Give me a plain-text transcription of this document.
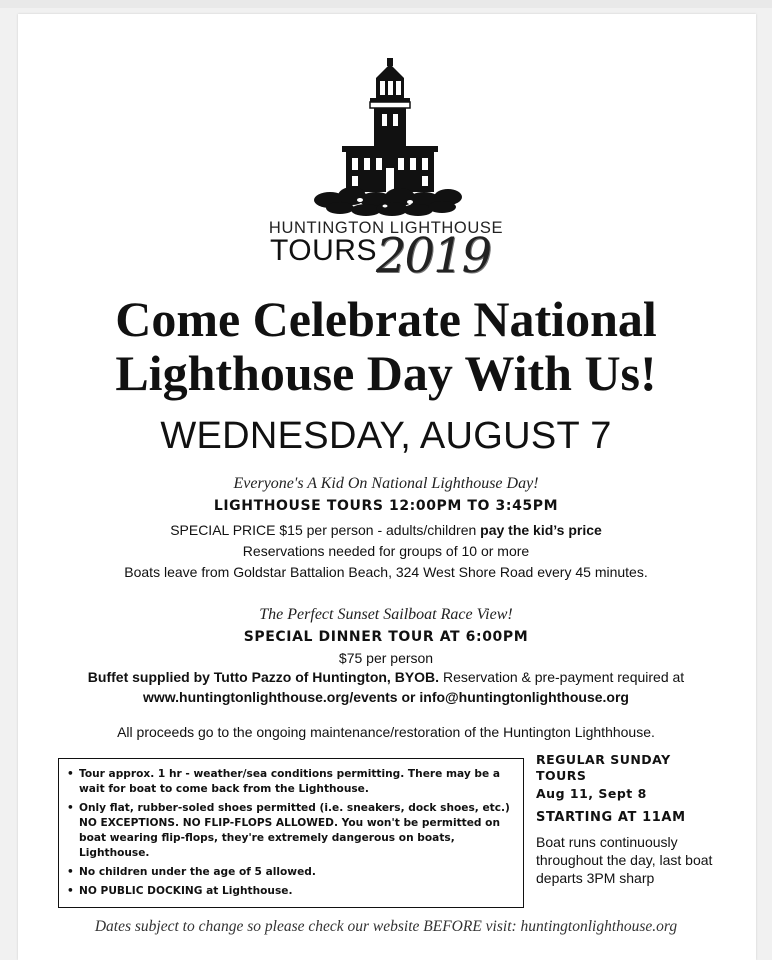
HUNTINGTON LIGHTHOUSE
TOURS 2019
Come Celebrate National
Lighthouse Day With Us!
WEDNESDAY, AUGUST 7
Everyone's A Kid On National Lighthouse Day!
LIGHTHOUSE TOURS 12:00PM TO 3:45PM
SPECIAL PRICE $15 per person - adults/children pay the kid’s price
Reservations needed for groups of 10 or more
Boats leave from Goldstar Battalion Beach, 324 West Shore Road every 45 minutes.
The Perfect Sunset Sailboat Race View!
SPECIAL DINNER TOUR AT 6:00PM
$75 per person
Buffet supplied by Tutto Pazzo of Huntington, BYOB. Reservation & pre-payment required at
www.huntingtonlighthouse.org/events or info@huntingtonlighthouse.org
All proceeds go to the ongoing maintenance/restoration of the Huntington Lighthhouse.
• Tour approx. 1 hr - weather/sea conditions permitting. There may be a wait for boat to come back from the Lighthouse.
• Only flat, rubber-soled shoes permitted (i.e. sneakers, dock shoes, etc.) NO EXCEPTIONS. NO FLIP-FLOPS ALLOWED. You won't be permitted on boat wearing flip-flops, they're extremely dangerous on boats, Lighthouse.
• No children under the age of 5 allowed.
• NO PUBLIC DOCKING at Lighthouse.
REGULAR SUNDAY
TOURS
Aug 11, Sept 8
STARTING AT 11AM
Boat runs continuously throughout the day, last boat departs 3PM sharp
Dates subject to change so please check our website BEFORE visit: huntingtonlighthouse.org
